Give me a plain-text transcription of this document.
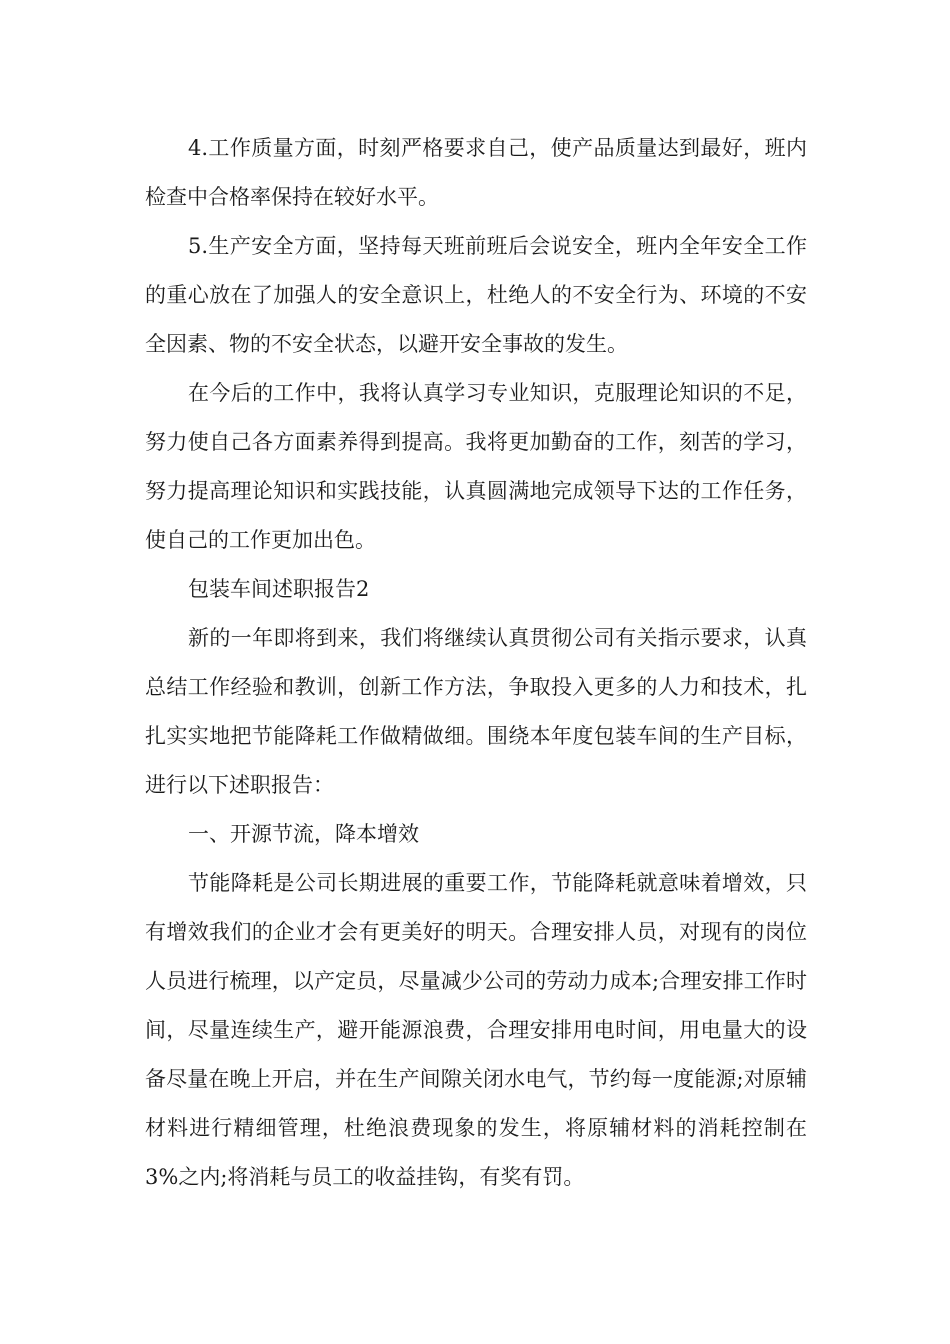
4.工作质量方面，时刻严格要求自己，使产品质量达到最好，班内检查中合格率保持在较好水平。

5.生产安全方面，坚持每天班前班后会说安全，班内全年安全工作的重心放在了加强人的安全意识上，杜绝人的不安全行为、环境的不安全因素、物的不安全状态，以避开安全事故的发生。

在今后的工作中，我将认真学习专业知识，克服理论知识的不足，努力使自己各方面素养得到提高。我将更加勤奋的工作，刻苦的学习，努力提高理论知识和实践技能，认真圆满地完成领导下达的工作任务，使自己的工作更加出色。

包装车间述职报告2

新的一年即将到来，我们将继续认真贯彻公司有关指示要求，认真总结工作经验和教训，创新工作方法，争取投入更多的人力和技术，扎扎实实地把节能降耗工作做精做细。围绕本年度包装车间的生产目标，进行以下述职报告：

一、开源节流，降本增效

节能降耗是公司长期进展的重要工作，节能降耗就意味着增效，只有增效我们的企业才会有更美好的明天。合理安排人员，对现有的岗位人员进行梳理，以产定员，尽量减少公司的劳动力成本;合理安排工作时间，尽量连续生产，避开能源浪费，合理安排用电时间，用电量大的设备尽量在晚上开启，并在生产间隙关闭水电气，节约每一度能源;对原辅材料进行精细管理，杜绝浪费现象的发生，将原辅材料的消耗控制在3%之内;将消耗与员工的收益挂钩，有奖有罚。
